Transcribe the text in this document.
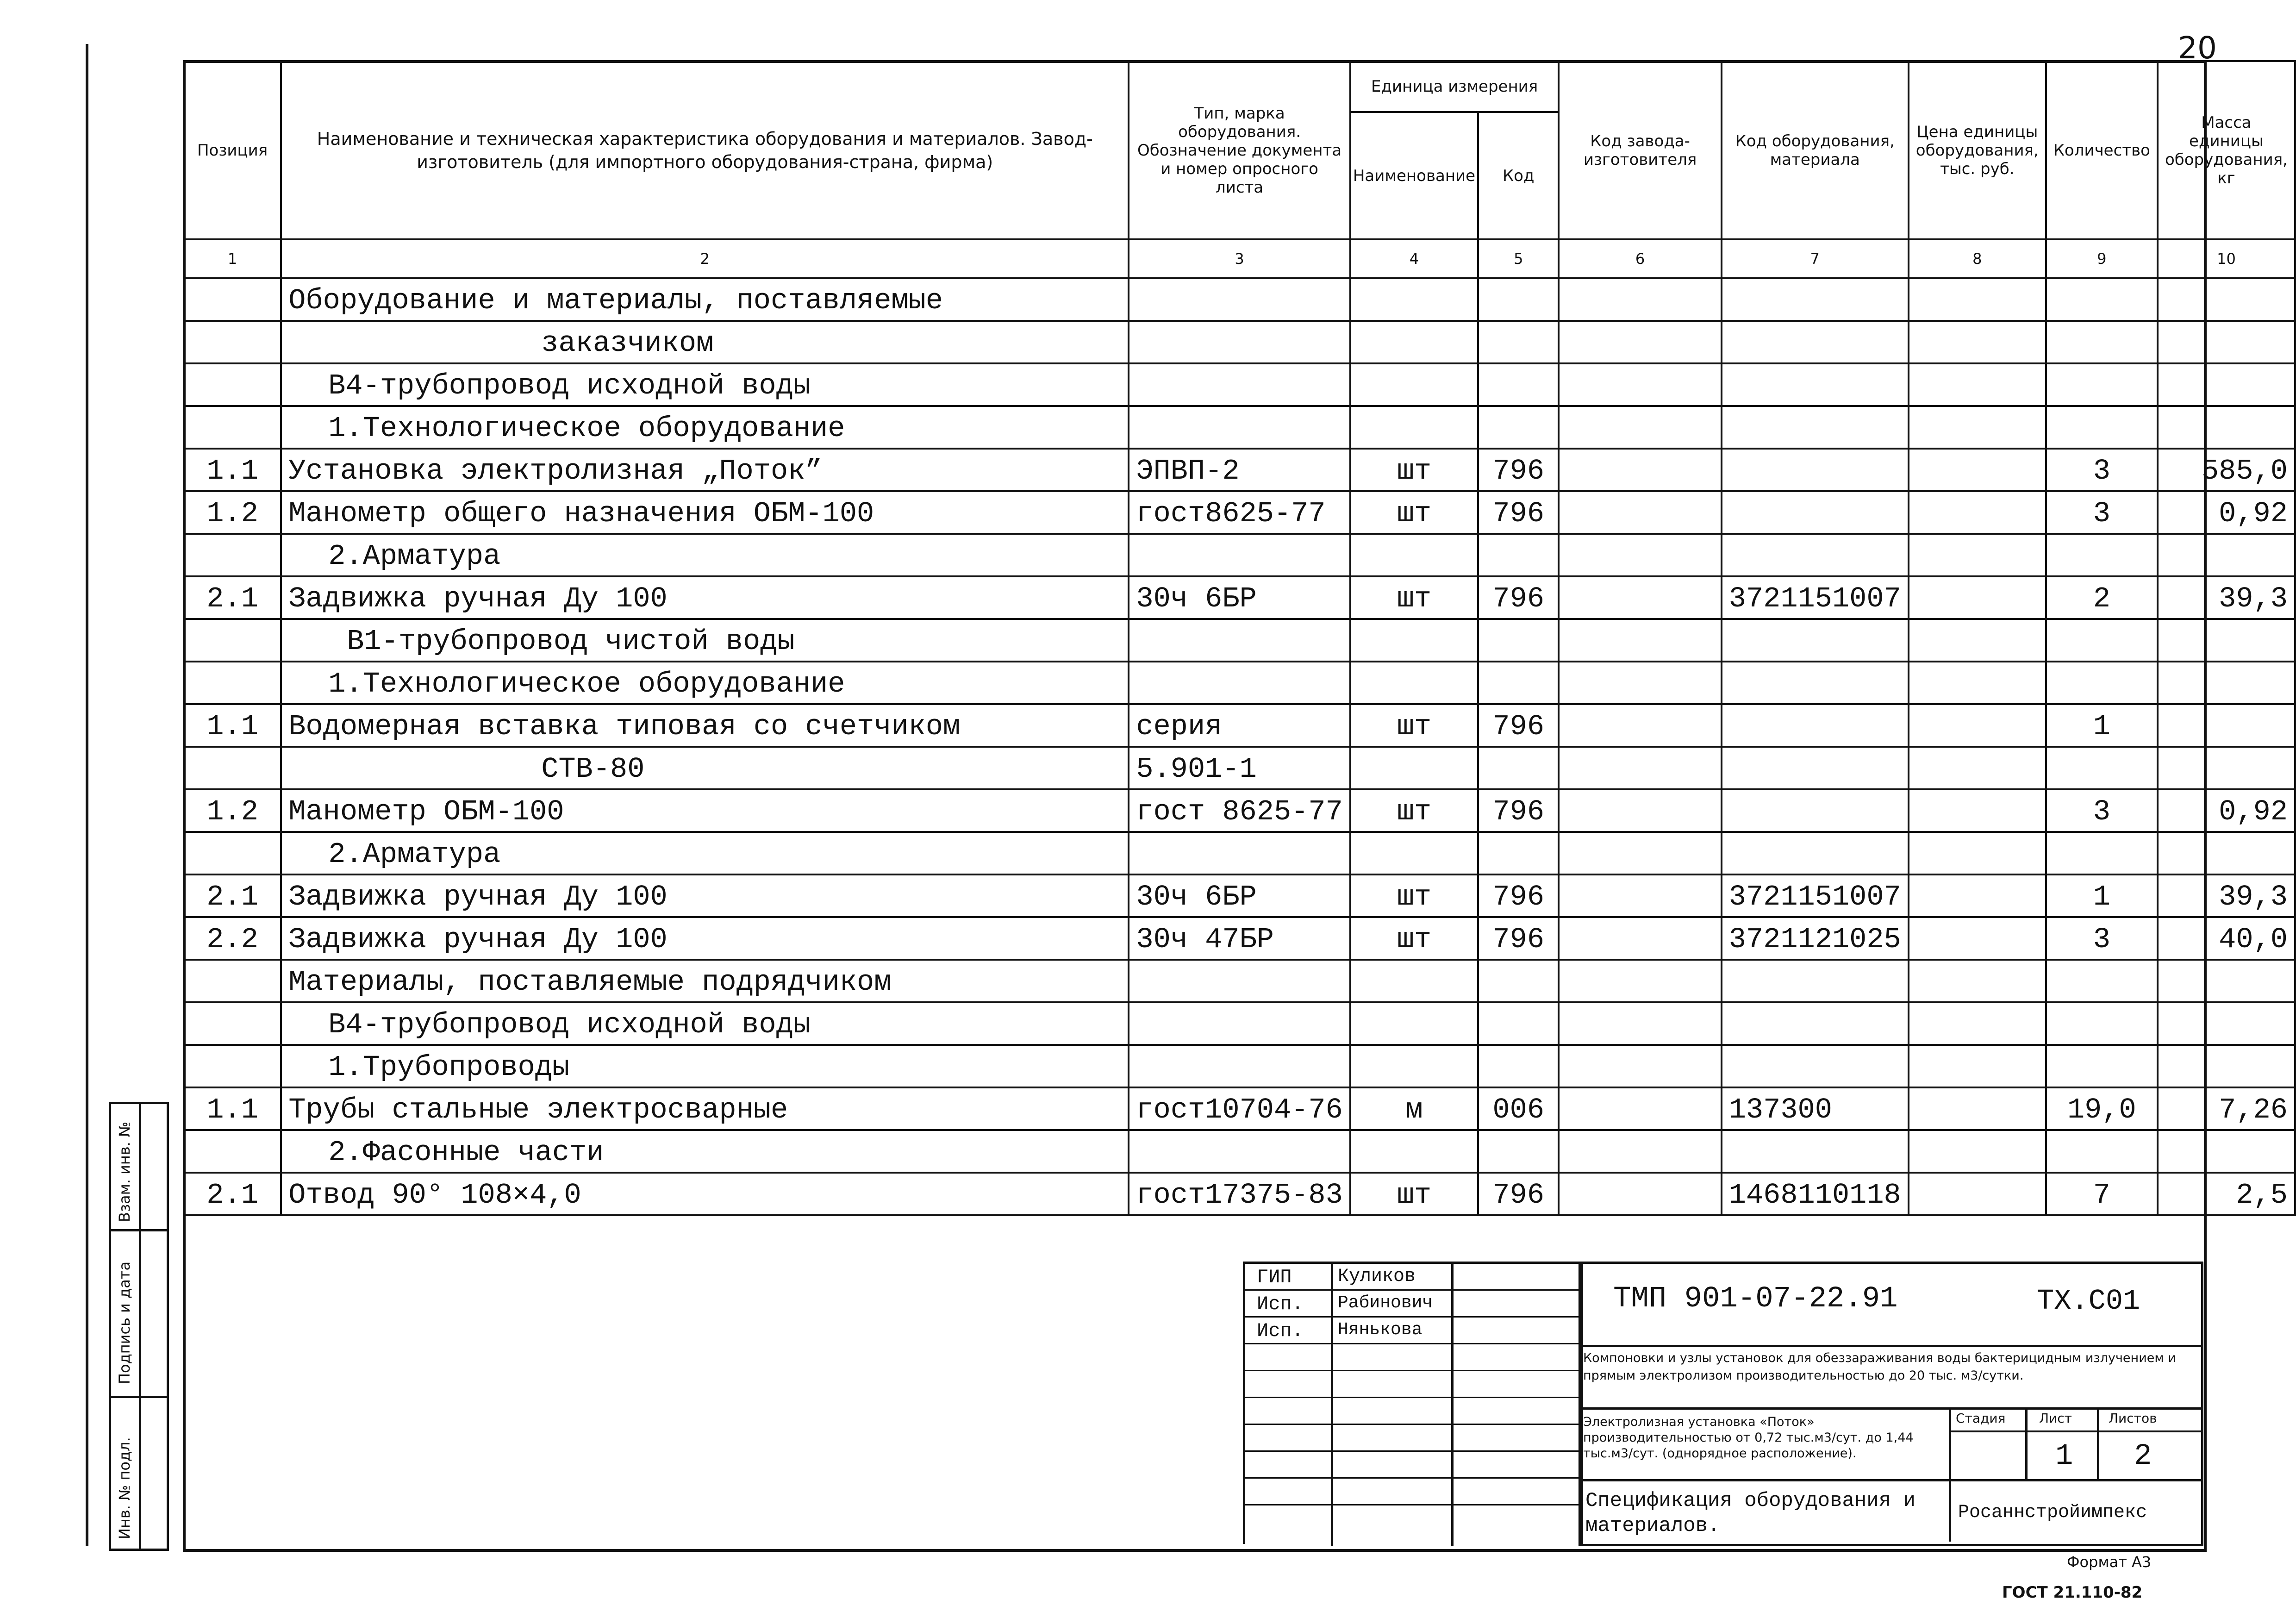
20
Взам. инв. №
Подпись и дата
Инв. № подл.
Позиция	Наименование и техническая характеристика оборудования и материалов. Завод-изготовитель (для импортного оборудования-страна, фирма)	Тип, марка оборудования. Обозначение документа и номер опросного листа	Единица измерения		Код завода-изготовителя	Код оборудования, материала	Цена единицы оборудования, тыс. руб.	Количество	Масса единицы оборудования, кг
			Наименование	Код					
1	2	3	4	5	6	7	8	9	10
	Оборудование и материалы, поставляемые								
	заказчиком								
	В4-трубопровод исходной воды								
	1.Технологическое оборудование								
1.1	Установка электролизная „Поток”	ЭПВП-2	шт	796				3	585,0
1.2	Манометр общего назначения ОБМ-100	гост8625-77	шт	796				3	0,92
	2.Арматура								
2.1	Задвижка ручная Ду 100	30ч 6БР	шт	796		3721151007		2	39,3
	В1-трубопровод чистой воды								
	1.Технологическое оборудование								
1.1	Водомерная вставка типовая со счетчиком	серия	шт	796				1	
	СТВ-80	5.901-1							
1.2	Манометр ОБМ-100	гост 8625-77	шт	796				3	0,92
	2.Арматура								
2.1	Задвижка ручная Ду 100	30ч 6БР	шт	796		3721151007		1	39,3
2.2	Задвижка ручная Ду 100	30ч 47БР	шт	796		3721121025		3	40,0
	Материалы, поставляемые подрядчиком								
	В4-трубопровод исходной воды								
	1.Трубопроводы								
1.1	Трубы стальные электросварные	гост10704-76	м	006		137300		19,0	7,26
	2.Фасонные части								
2.1	Отвод 90° 108×4,0	гост17375-83	шт	796		1468110118		7	2,5

ГИП Куликов
Исп. Рабинович
Исп. Нянькова
ТМП 901-07-22.91	ТХ.С01
Компоновки и узлы установок для обеззараживания воды бактерицидным излучением и прямым электролизом производительностью до 20 тыс. м3/сутки.
Электролизная установка «Поток» производительностью от 0,72 тыс.м3/сут. до 1,44 тыс.м3/сут. (однорядное расположение).
Стадия	Лист	Листов
1 2
Спецификация оборудования и материалов.
Росаннстройимпекс
Формат А3
ГОСТ 21.110-82
